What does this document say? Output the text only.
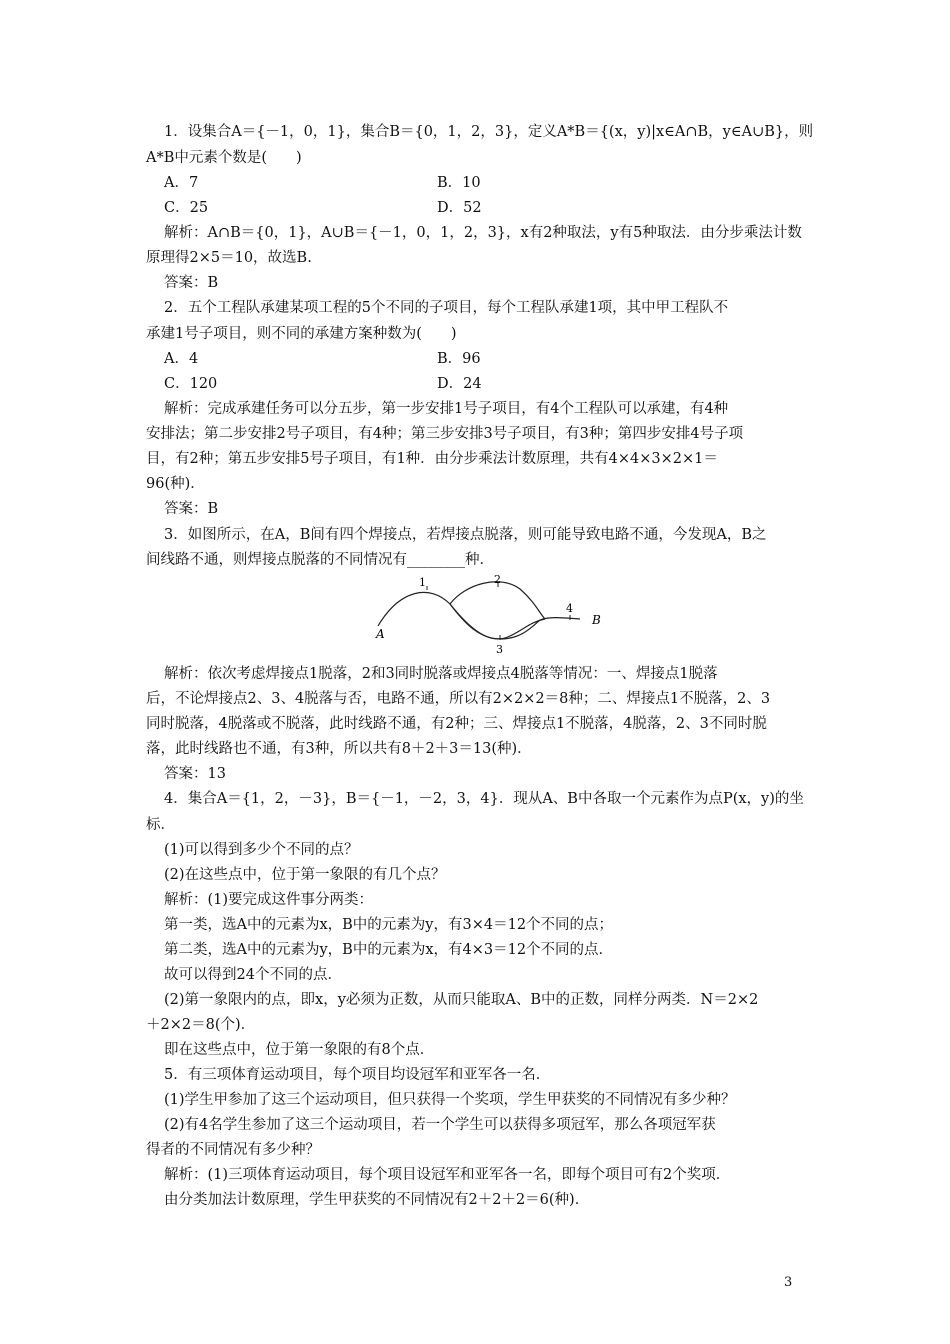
1．设集合A＝{－1，0，1}，集合B＝{0，1，2，3}，定义A*B＝{(x，y)|x∈A∩B，y∈A∪B}，则
A*B中元素个数是(　　)
A．7	B．10
C．25	D．52
解析：A∩B＝{0，1}，A∪B＝{－1，0，1，2，3}，x有2种取法，y有5种取法．由分步乘法计数
原理得2×5＝10，故选B.
答案：B
2．五个工程队承建某项工程的5个不同的子项目，每个工程队承建1项，其中甲工程队不
承建1号子项目，则不同的承建方案种数为(　　)
A．4	B．96
C．120	D．24
解析：完成承建任务可以分五步，第一步安排1号子项目，有4个工程队可以承建，有4种
安排法；第二步安排2号子项目，有4种；第三步安排3号子项目，有3种；第四步安排4号子项
目，有2种；第五步安排5号子项目，有1种．由分步乘法计数原理，共有4×4×3×2×1＝
96(种)．
答案：B
3．如图所示，在A，B间有四个焊接点，若焊接点脱落，则可能导致电路不通，今发现A，B之
间线路不通，则焊接点脱落的不同情况有________种．
A
B
1	2
3
4
解析：依次考虑焊接点1脱落，2和3同时脱落或焊接点4脱落等情况：一、焊接点1脱落
后，不论焊接点2、3、4脱落与否，电路不通，所以有2×2×2＝8种；二、焊接点1不脱落，2、3
同时脱落，4脱落或不脱落，此时线路不通，有2种；三、焊接点1不脱落，4脱落，2、3不同时脱
落，此时线路也不通，有3种，所以共有8＋2＋3＝13(种)．
答案：13
4．集合A＝{1，2，－3}，B＝{－1，－2，3，4}．现从A、B中各取一个元素作为点P(x，y)的坐
标．
(1)可以得到多少个不同的点？
(2)在这些点中，位于第一象限的有几个点？
解析：(1)要完成这件事分两类：
第一类，选A中的元素为x，B中的元素为y，有3×4＝12个不同的点；
第二类，选A中的元素为y，B中的元素为x，有4×3＝12个不同的点．
故可以得到24个不同的点．
(2)第一象限内的点，即x，y必须为正数，从而只能取A、B中的正数，同样分两类．N＝2×2
＋2×2＝8(个)．
即在这些点中，位于第一象限的有8个点．
5．有三项体育运动项目，每个项目均设冠军和亚军各一名．
(1)学生甲参加了这三个运动项目，但只获得一个奖项，学生甲获奖的不同情况有多少种？
(2)有4名学生参加了这三个运动项目，若一个学生可以获得多项冠军，那么各项冠军获
得者的不同情况有多少种？
解析：(1)三项体育运动项目，每个项目设冠军和亚军各一名，即每个项目可有2个奖项．
由分类加法计数原理，学生甲获奖的不同情况有2＋2＋2＝6(种)．
3
